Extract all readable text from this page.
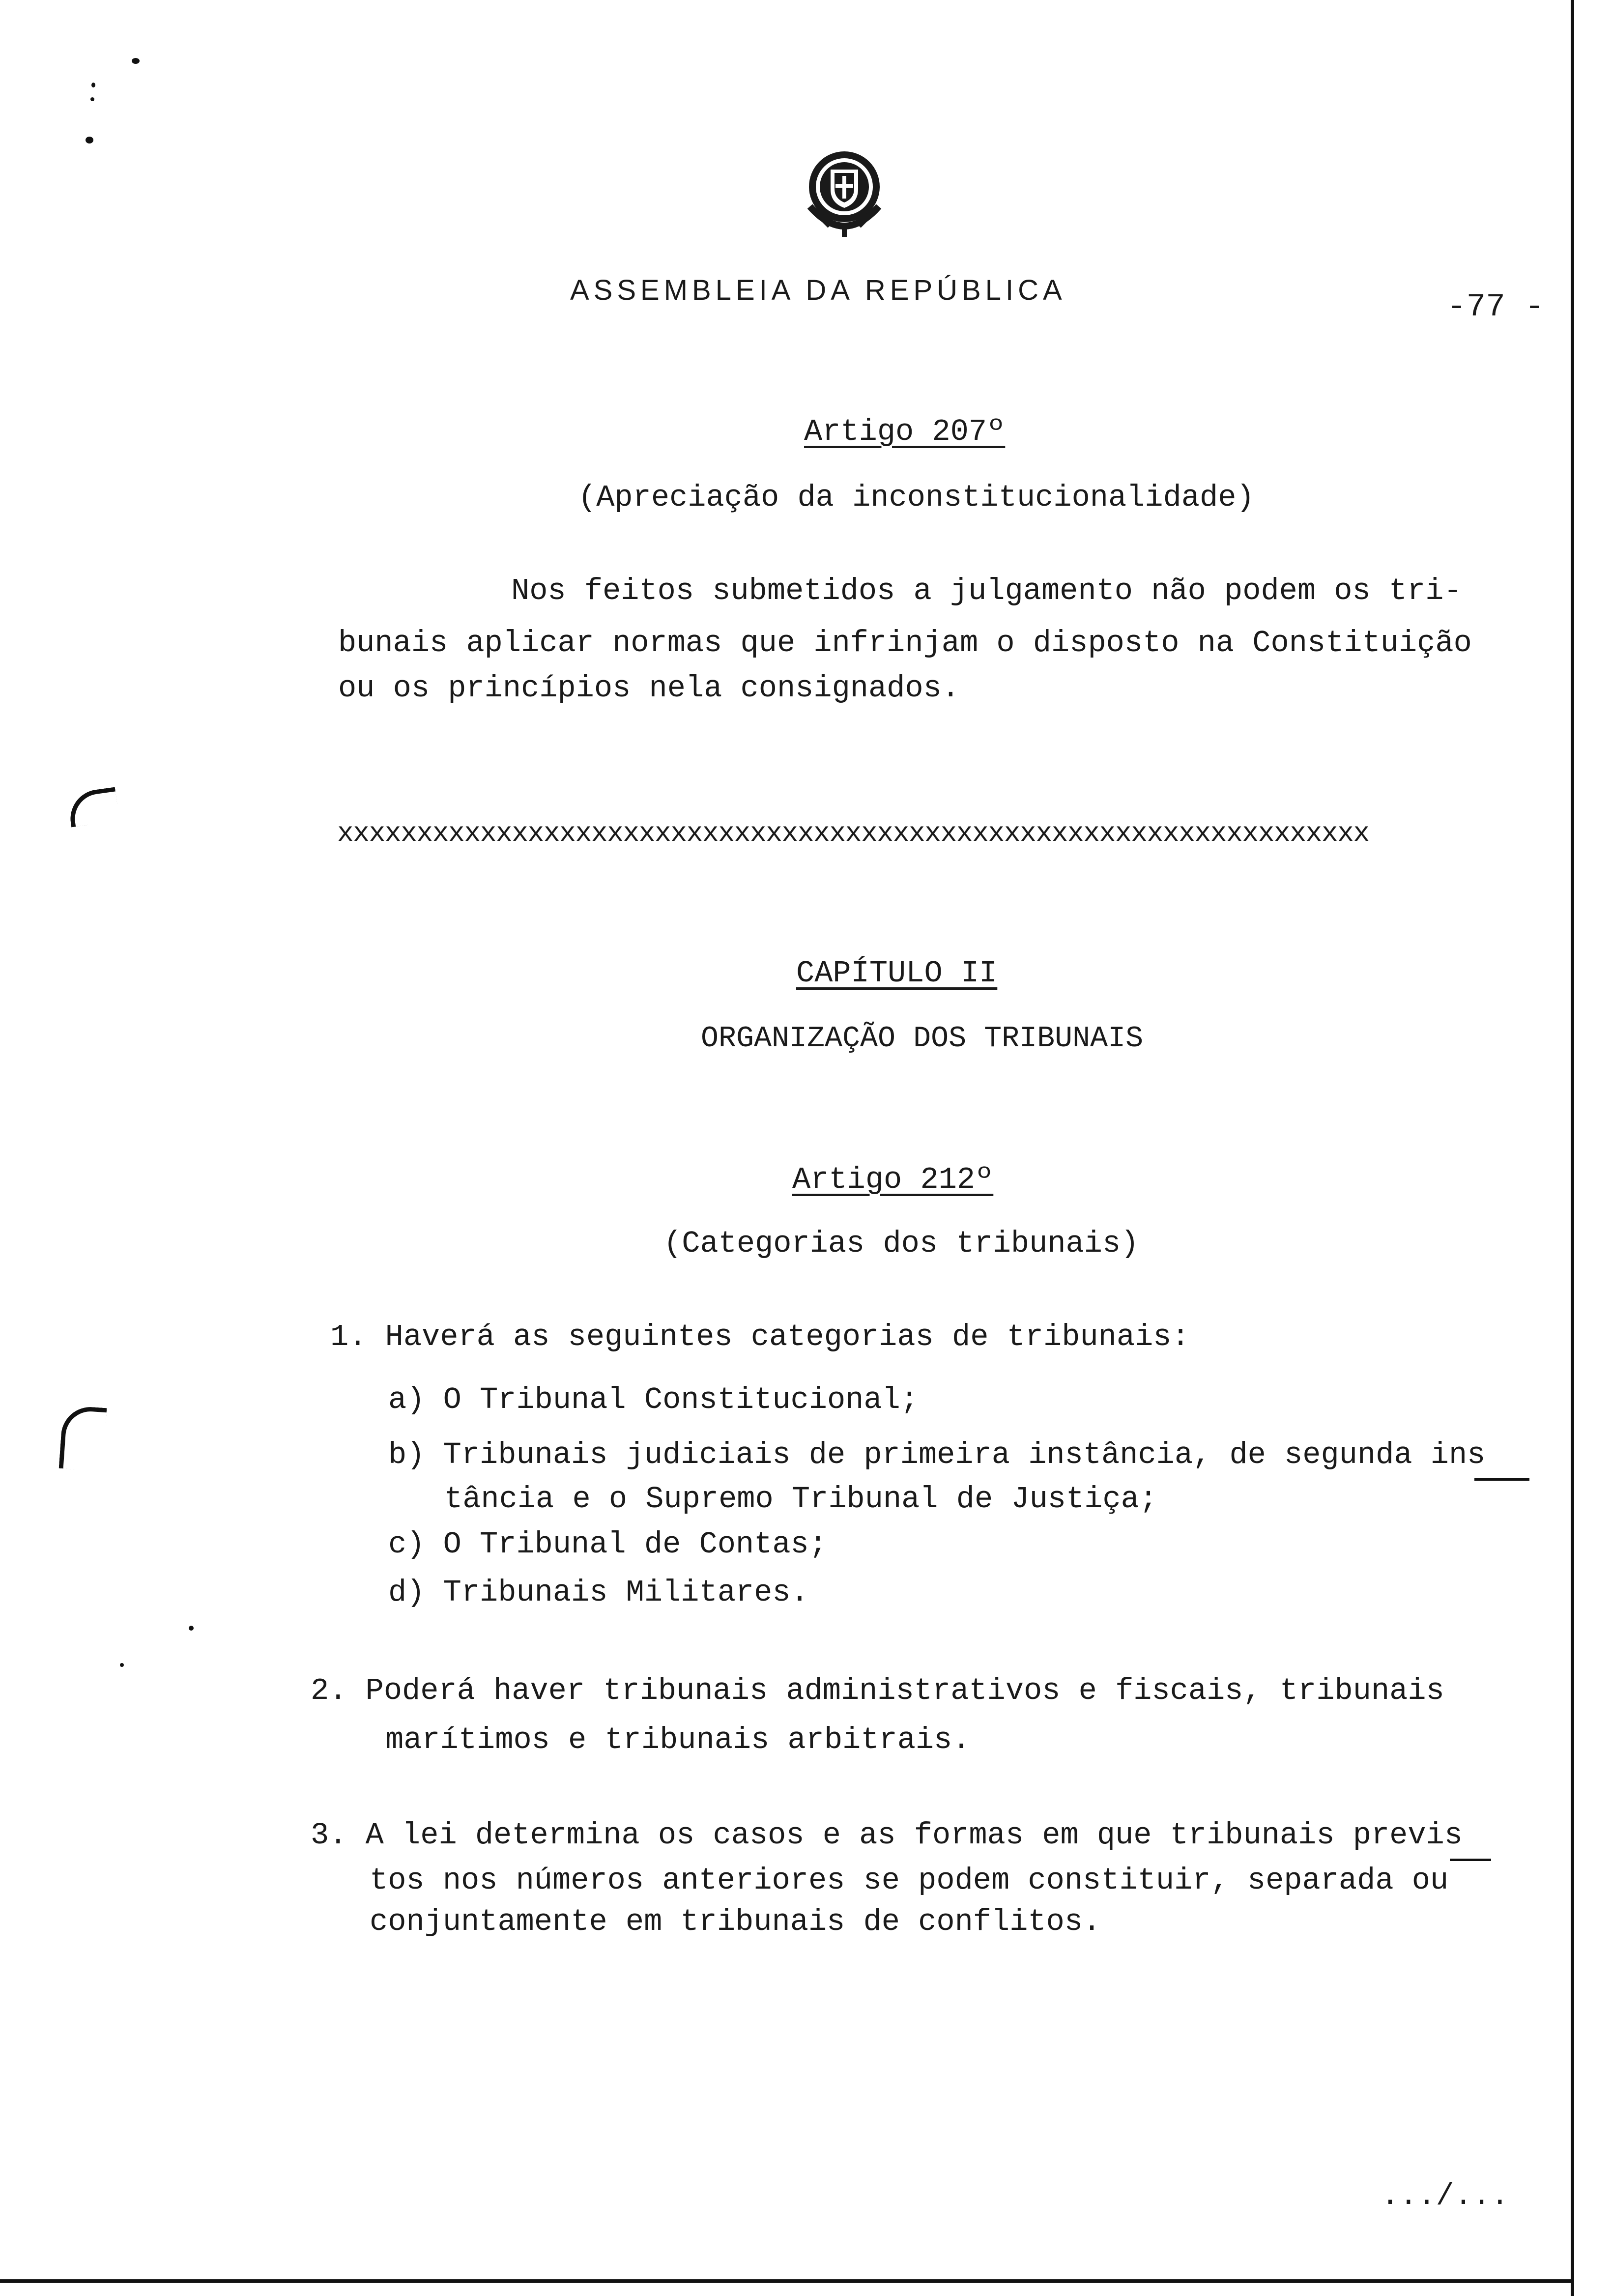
ASSEMBLEIA DA REPÚBLICA	-77 -
Artigo 207º
(Apreciação da inconstitucionalidade)
Nos feitos submetidos a julgamento não podem os tri-
bunais aplicar normas que infrinjam o disposto na Constituição
ou os princípios nela consignados.
xxxxxxxxxxxxxxxxxxxxxxxxxxxxxxxxxxxxxxxxxxxxxxxxxxxxxxxxxxxxxxxxx
CAPÍTULO II
ORGANIZAÇÃO DOS TRIBUNAIS
Artigo 212º
(Categorias dos tribunais)
1. Haverá as seguintes categorias de tribunais:
a) O Tribunal Constitucional;
b) Tribunais judiciais de primeira instância, de segunda ins
tância e o Supremo Tribunal de Justiça;
c) O Tribunal de Contas;
d) Tribunais Militares.
2. Poderá haver tribunais administrativos e fiscais, tribunais
marítimos e tribunais arbitrais.
3. A lei determina os casos e as formas em que tribunais previs
tos nos números anteriores se podem constituir, separada ou
conjuntamente em tribunais de conflitos.
.../...
